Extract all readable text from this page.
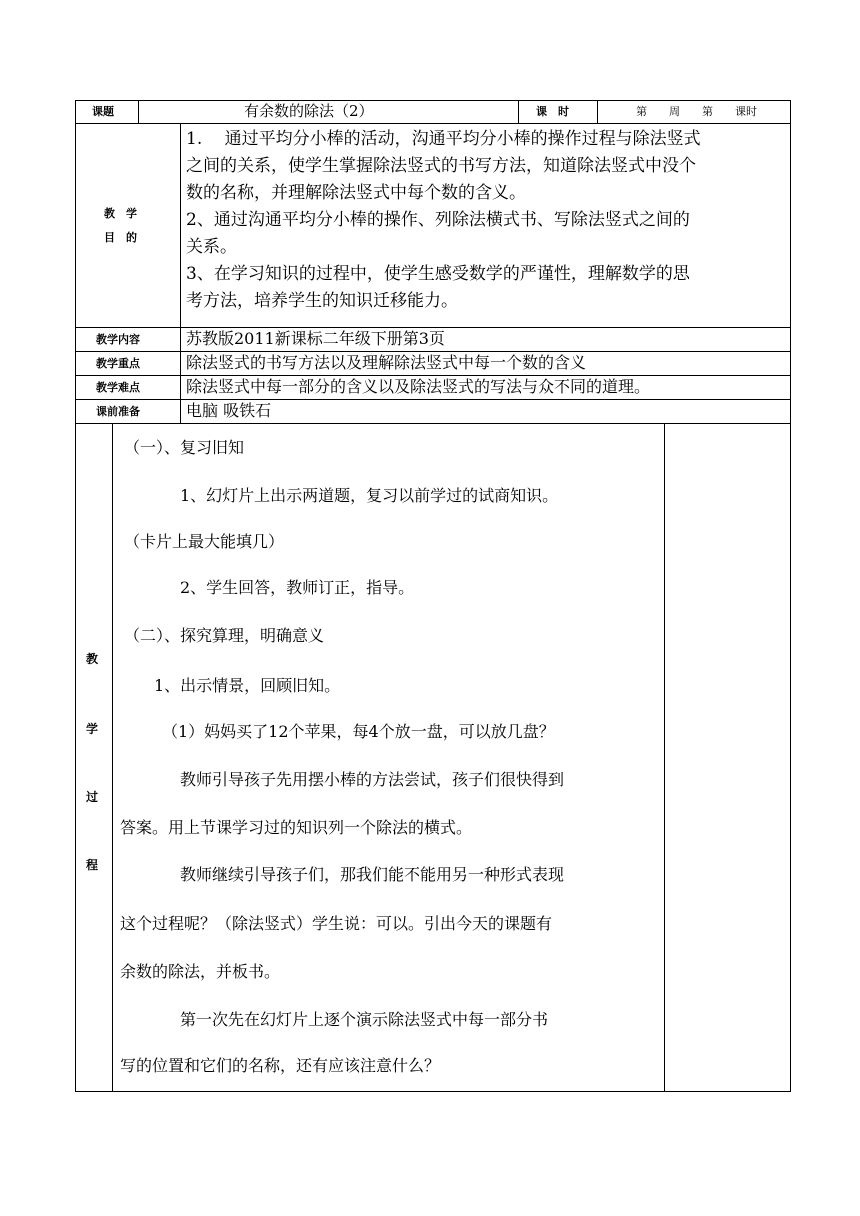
课题	有余数的除法（2）	课　时	第　　周　　第　　课时
教　学
目　的
1.　 通过平均分小棒的活动，沟通平均分小棒的操作过程与除法竖式
之间的关系，使学生掌握除法竖式的书写方法，知道除法竖式中没个
数的名称，并理解除法竖式中每个数的含义。
2、通过沟通平均分小棒的操作、列除法横式书、写除法竖式之间的
关系。
3、在学习知识的过程中，使学生感受数学的严谨性，理解数学的思
考方法，培养学生的知识迁移能力。
教学内容	苏教版2011新课标二年级下册第3页
教学重点	除法竖式的书写方法以及理解除法竖式中每一个数的含义
教学难点	除法竖式中每一部分的含义以及除法竖式的写法与众不同的道理。
课前准备	电脑 吸铁石
教
学
过
程
（一）、复习旧知
1、幻灯片上出示两道题，复习以前学过的试商知识。
（卡片上最大能填几）
2、学生回答，教师订正，指导。
（二）、探究算理，明确意义
1、出示情景，回顾旧知。
（1）妈妈买了12个苹果，每4个放一盘，可以放几盘？
教师引导孩子先用摆小棒的方法尝试，孩子们很快得到
答案。用上节课学习过的知识列一个除法的横式。
教师继续引导孩子们，那我们能不能用另一种形式表现
这个过程呢？（除法竖式）学生说：可以。引出今天的课题有
余数的除法，并板书。
第一次先在幻灯片上逐个演示除法竖式中每一部分书
写的位置和它们的名称，还有应该注意什么？
